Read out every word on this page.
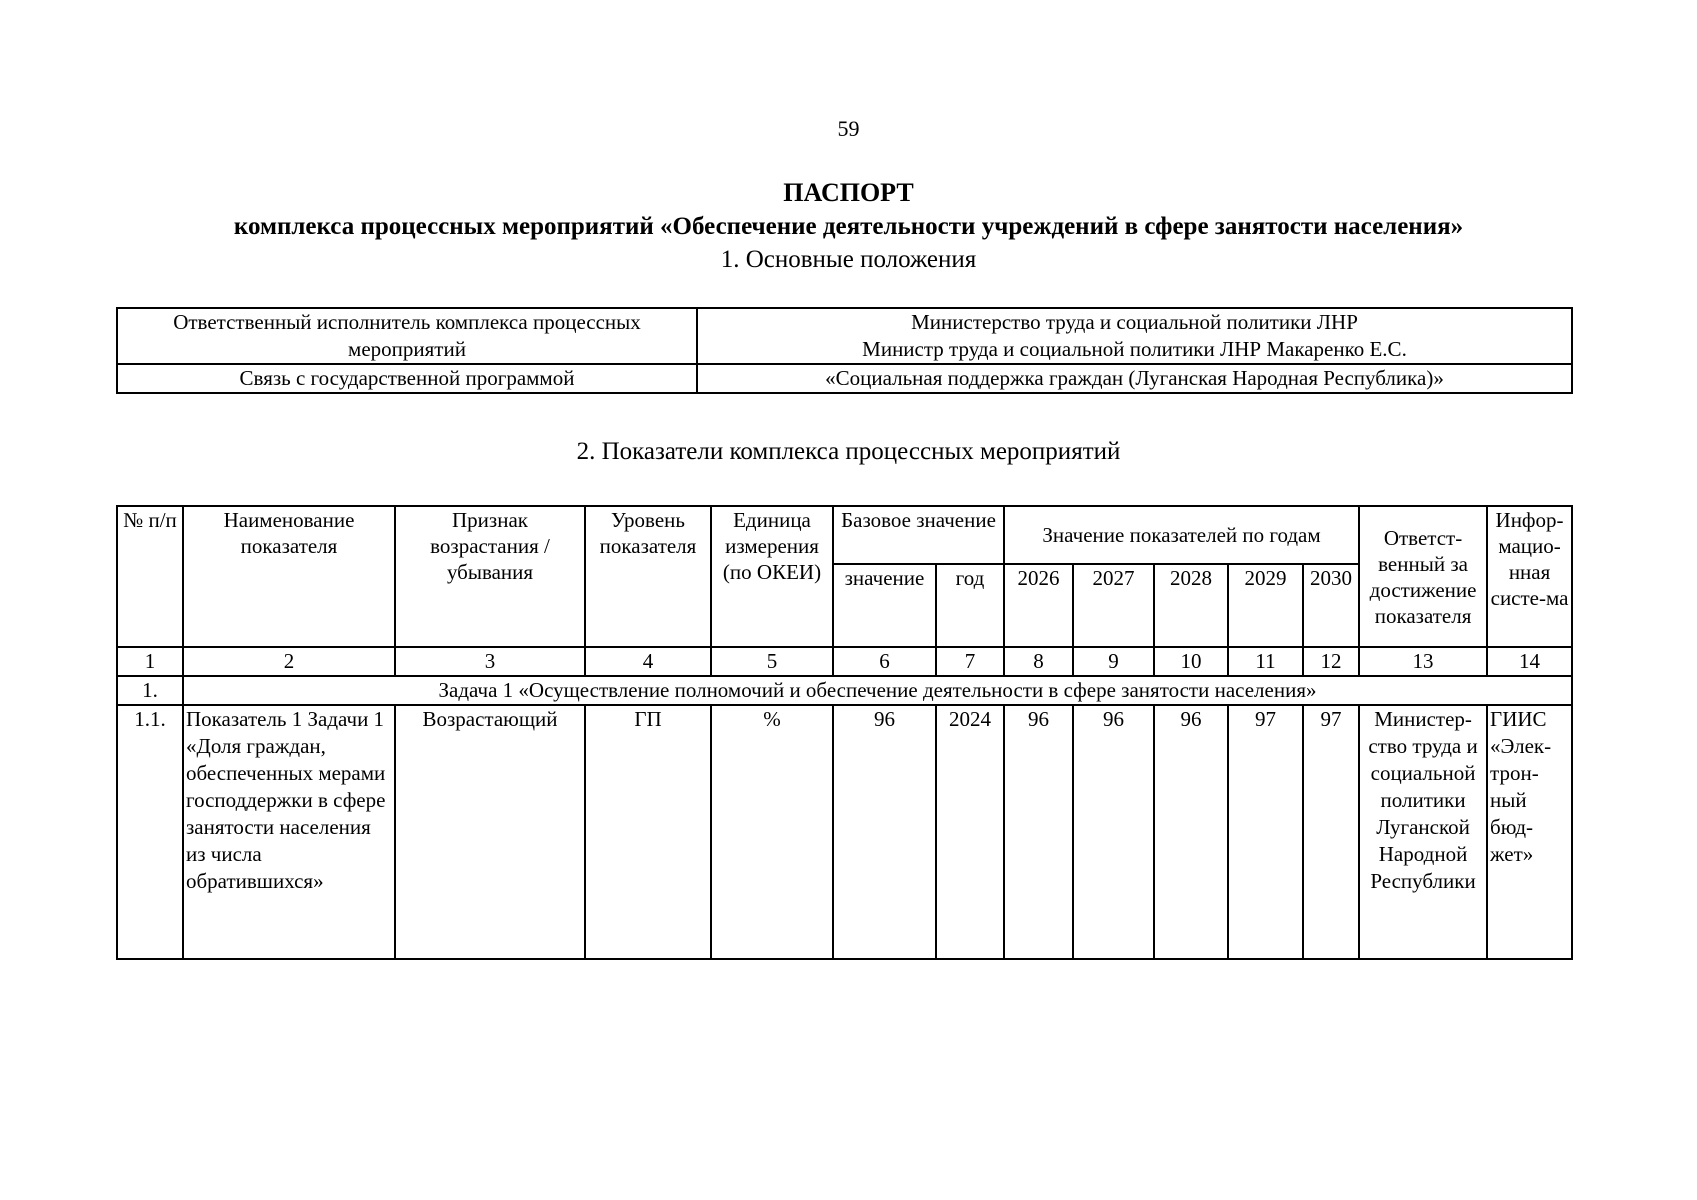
59
ПАСПОРТ
комплекса процессных мероприятий «Обеспечение деятельности учреждений в сфере занятости населения»
1. Основные положения
Ответственный исполнитель комплекса процессных мероприятий	Министерство труда и социальной политики ЛНР
Министр труда и социальной политики ЛНР Макаренко Е.С.

Связь с государственной программой	«Социальная поддержка граждан (Луганская Народная Республика)»
2. Показатели комплекса процессных мероприятий
№ п/п	Наименование показателя	Признак возрастания / убывания	Уровень показателя	Единица измерения (по ОКЕИ)	Базовое значение		Значение показателей по годам					Ответст-венный за достижение показателя	Инфор-мацио-нная систе-ма
					значение	год	2026	2027	2028	2029	2030		
1	2	3	4	5	6	7	8	9	10	11	12	13	14
1.	Задача 1 «Осуществление полномочий и обеспечение деятельности в сфере занятости населения»												
1.1.	Показатель 1 Задачи 1 «Доля граждан, обеспеченных мерами господдержки в сфере занятости населения из числа обратившихся»	Возрастающий	ГП	%	96	2024	96	96	96	97	97	Министер-ство труда и социальной политики Луганской Народной Республики	ГИИС «Элек-трон-ный бюд-жет»
